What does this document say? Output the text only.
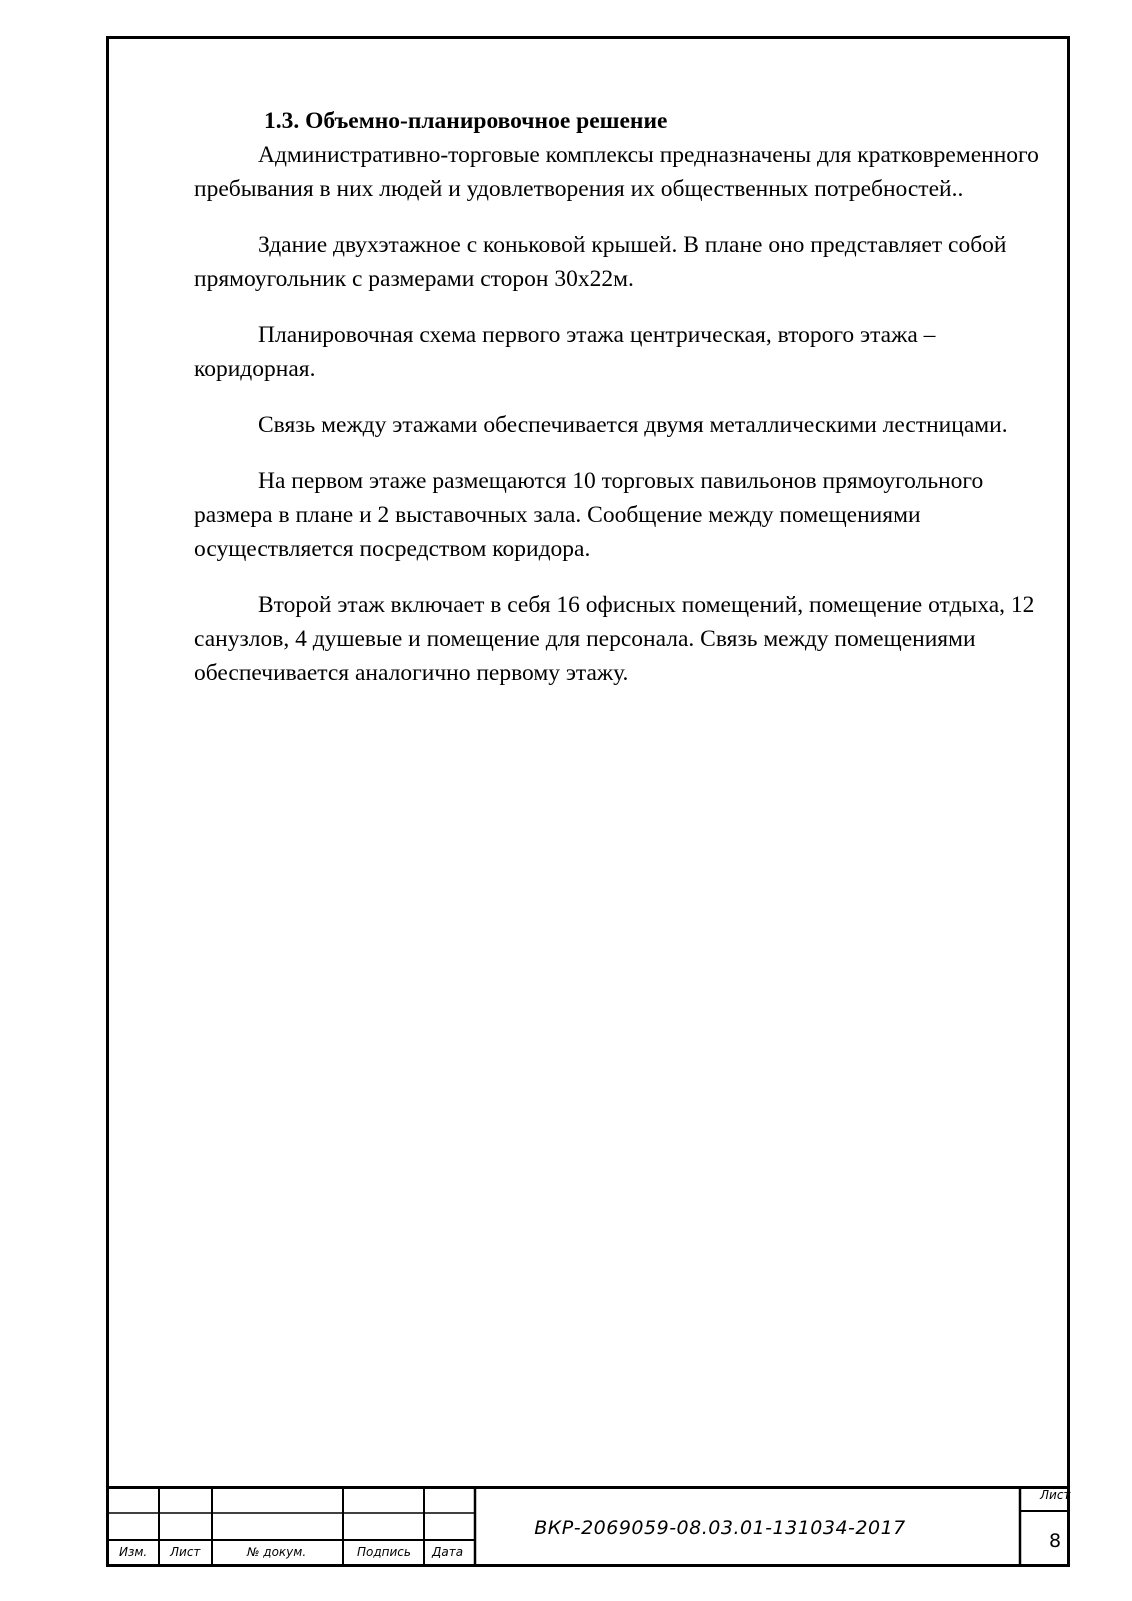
1.3. Объемно-планировочное решение

Административно-торговые комплексы предназначены для кратковременного пребывания в них людей и удовлетворения их общественных потребностей..

Здание двухэтажное с коньковой крышей. В плане оно представляет собой прямоугольник с размерами сторон 30х22м.

Планировочная схема первого этажа центрическая, второго этажа – коридорная.

Связь между этажами обеспечивается двумя металлическими лестницами.

На первом этаже размещаются 10 торговых павильонов прямоугольного размера в плане и 2 выставочных зала. Сообщение между помещениями осуществляется посредством коридора.

Второй этаж включает в себя 16 офисных помещений, помещение отдыха, 12 санузлов, 4 душевые и помещение для персонала. Связь между помещениями обеспечивается аналогично первому этажу.

Изм. Лист	№ докум.	Подпись Дата
ВКР-2069059-08.03.01-131034-2017
Лист
8
